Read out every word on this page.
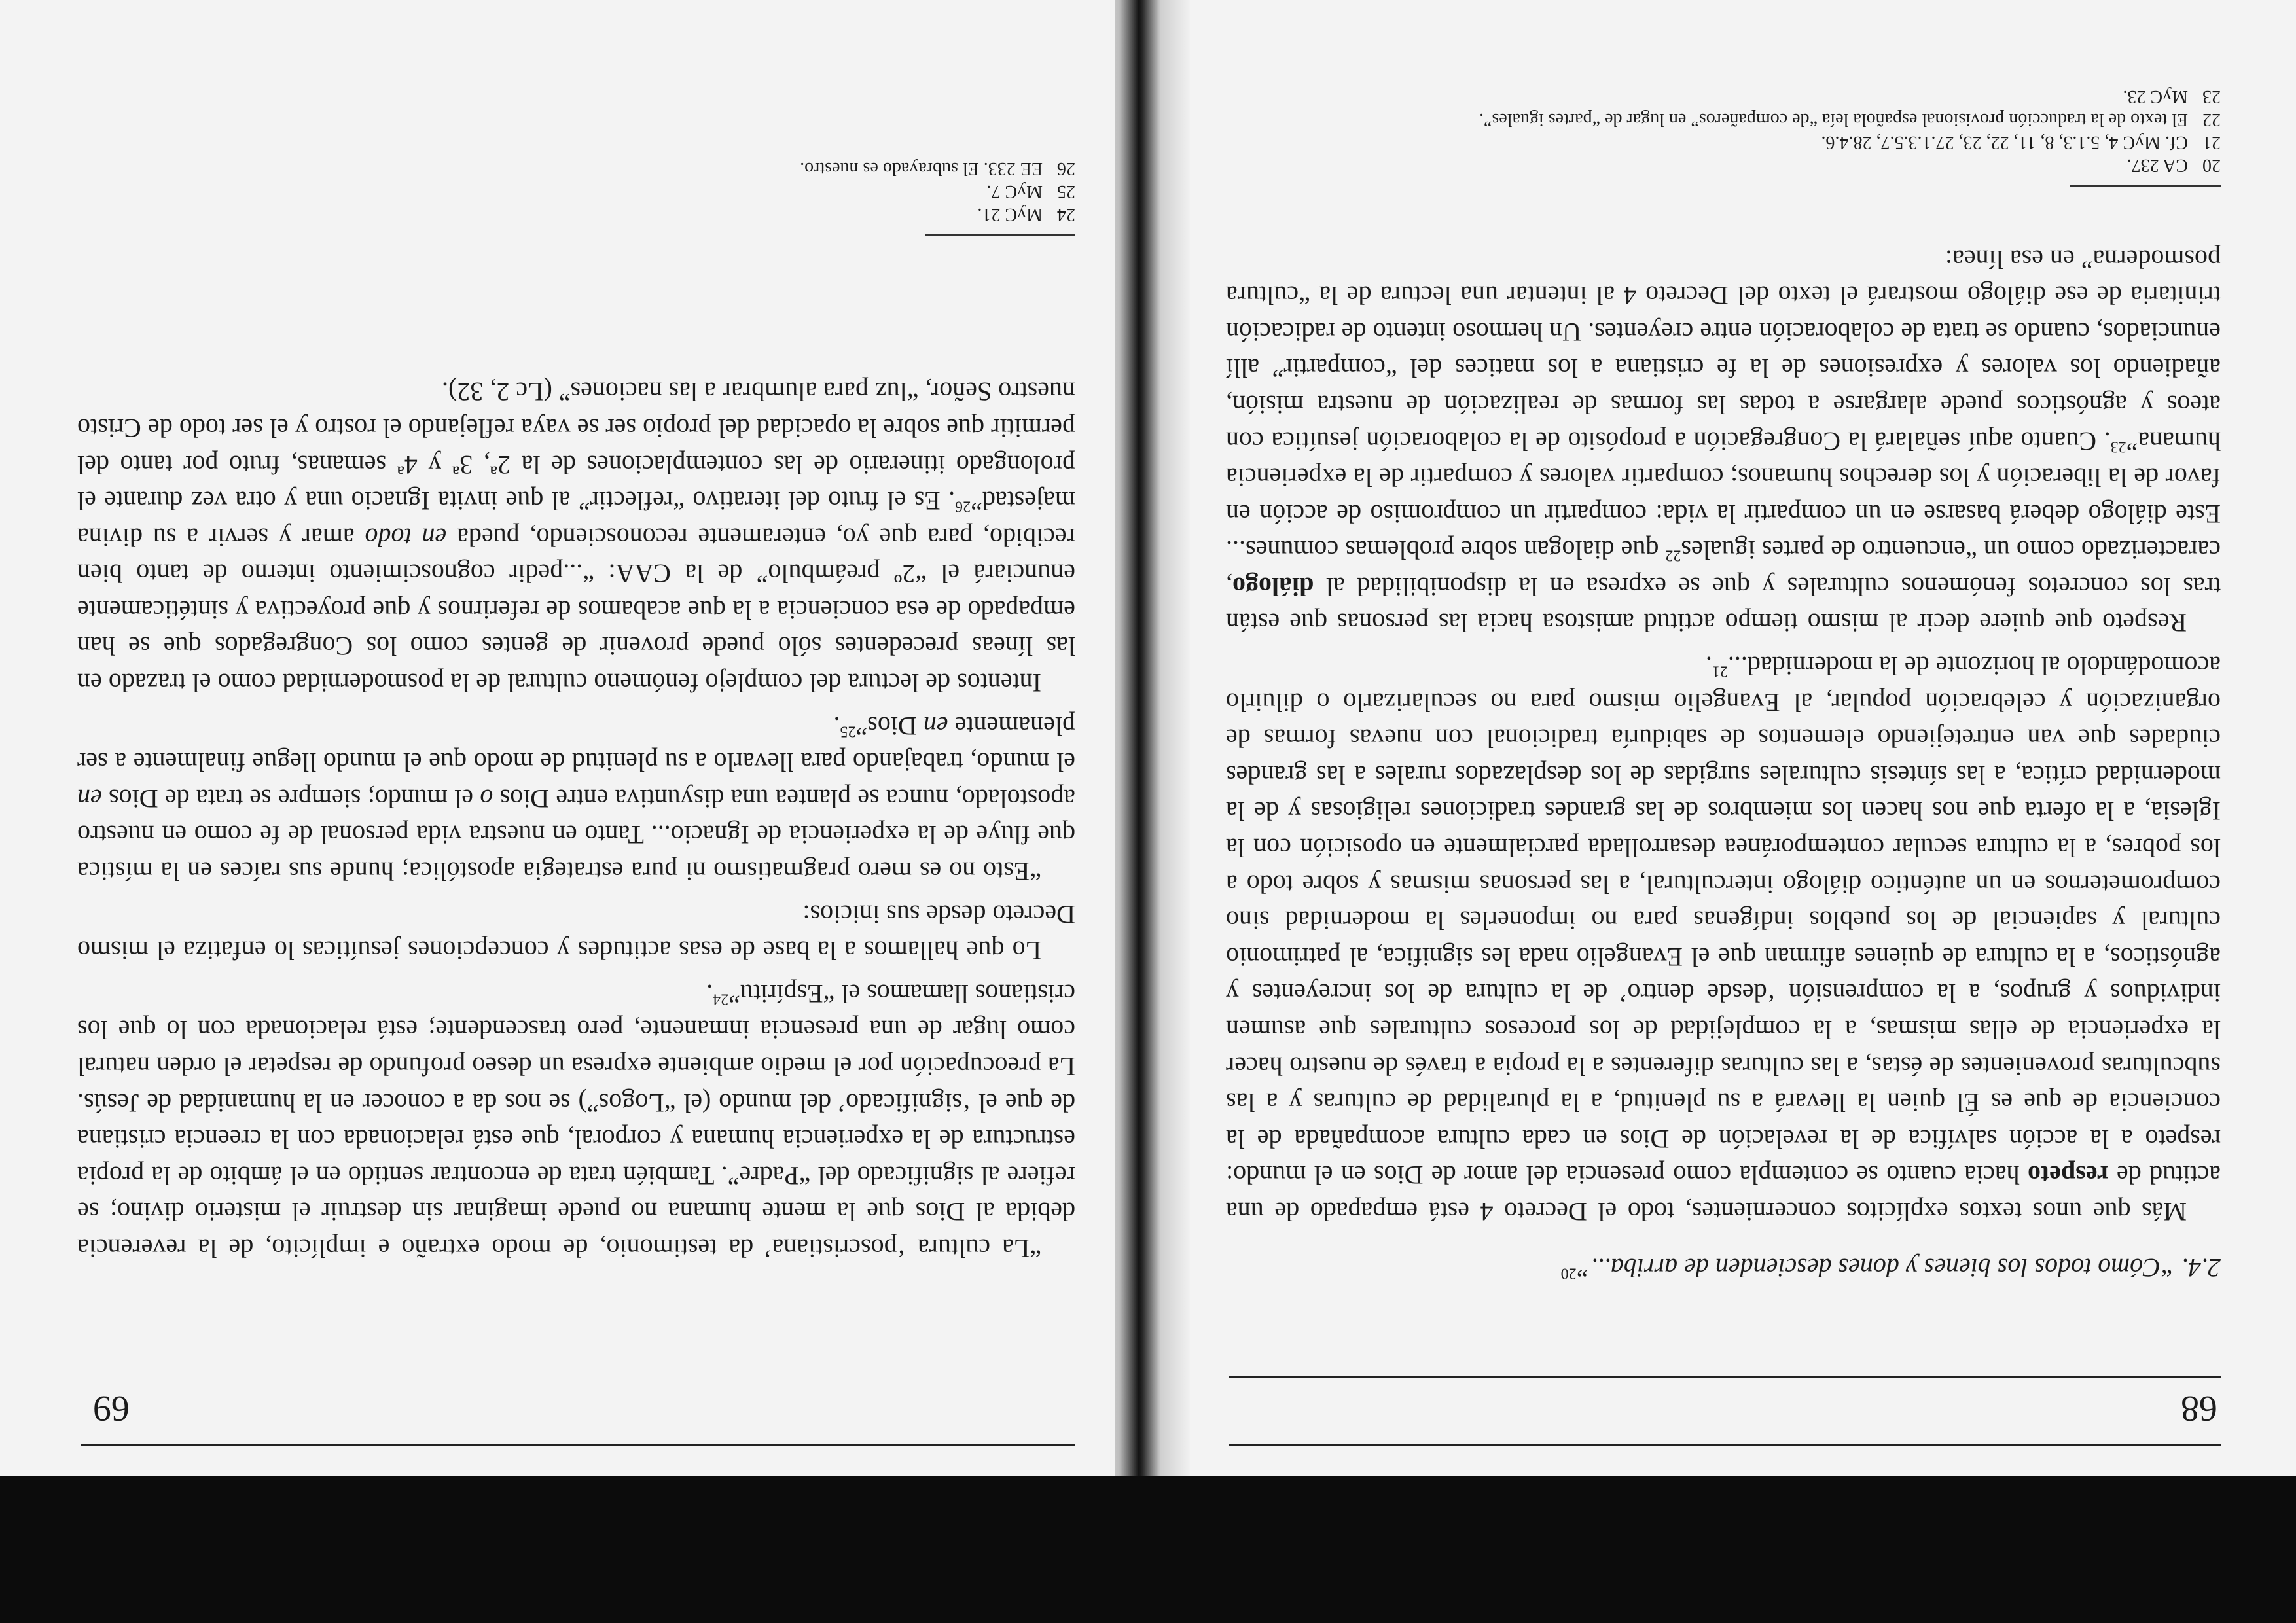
68
2.4. “Cómo todos los bienes y dones descienden de arriba...”$^{20}$

Más que unos textos explícitos concernientes, todo el Decreto 4 está empapado de una actitud de respeto hacia cuanto se contempla como presencia del amor de Dios en el mundo: respeto a la acción salvífica de la revelación de Dios en cada cultura acompañada de la conciencia de que es Él quien la llevará a su plenitud, a la pluralidad de culturas y a las subculturas provenientes de éstas, a las culturas diferentes a la propia a través de nuestro hacer la experiencia de ellas mismas, a la complejidad de los procesos culturales que asumen individuos y grupos, a la comprensión ‘desde dentro’ de la cultura de los increyentes y agnósticos, a la cultura de quienes afirman que el Evangelio nada les significa, al patrimonio cultural y sapiencial de los pueblos indígenas para no imponerles la modernidad sino comprometernos en un auténtico diálogo intercultural, a las personas mismas y sobre todo a los pobres, a la cultura secular contemporánea desarrollada parcialmente en oposición con la Iglesia, a la oferta que nos hacen los miembros de las grandes tradiciones religiosas y de la modernidad crítica, a las síntesis culturales surgidas de los desplazados rurales a las grandes ciudades que van entretejiendo elementos de sabiduría tradicional con nuevas formas de organización y celebración popular, al Evangelio mismo para no secularizarlo o diluirlo acomodándolo al horizonte de la modernidad...$^{21}$.

Respeto que quiere decir al mismo tiempo actitud amistosa hacia las personas que están tras los concretos fenómenos culturales y que se expresa en la disponibilidad al diálogo, caracterizado como un “encuentro de partes iguales$^{22}$ que dialogan sobre problemas comunes... Este diálogo deberá basarse en un compartir la vida: compartir un compromiso de acción en favor de la liberación y los derechos humanos; compartir valores y compartir de la experiencia humana”$^{23}$. Cuanto aquí señalará la Congregación a propósito de la colaboración jesuítica con ateos y agnósticos puede alargarse a todas las formas de realización de nuestra misión, añadiendo los valores y expresiones de la fe cristiana a los matices del “compartir” allí enunciados, cuando se trata de colaboración entre creyentes. Un hermoso intento de radicación trinitaria de ese diálogo mostrará el texto del Decreto 4 al intentar una lectura de la “cultura posmoderna” en esa línea:

20CA 237.
21Cf. MyC 4, 5.1.3, 8, 11, 22, 23, 27.1.3.5.7, 28.4.6.
22El texto de la traducción provisional española leía “de compañeros” en lugar de “partes iguales”.
23MyC 23.
69

“La cultura ‘poscristiana’ da testimonio, de modo extraño e implícito, de la reverencia debida al Dios que la mente humana no puede imaginar sin destruir el misterio divino; se refiere al significado del “Padre”. También trata de encontrar sentido en el ámbito de la propia estructura de la experiencia humana y corporal, que está relacionada con la creencia cristiana de que el ‘significado’ del mundo (el “Logos”) se nos da a conocer en la humanidad de Jesús. La preocupación por el medio ambiente expresa un deseo profundo de respetar el orden natural como lugar de una presencia inmanente, pero trascendente; está relacionada con lo que los cristianos llamamos el “Espíritu”$^{24}$.

Lo que hallamos a la base de esas actitudes y concepciones jesuíticas lo enfatiza el mismo Decreto desde sus inicios:

“Esto no es mero pragmatismo ni pura estrategia apostólica; hunde sus raíces en la mística que fluye de la experiencia de Ignacio... Tanto en nuestra vida personal de fe como en nuestro apostolado, nunca se plantea una disyuntiva entre Dios o el mundo; siempre se trata de Dios en el mundo, trabajando para llevarlo a su plenitud de modo que el mundo llegue finalmente a ser plenamente en Dios”$^{25}$.

Intentos de lectura del complejo fenómeno cultural de la posmodernidad como el trazado en las líneas precedentes sólo puede provenir de gentes como los Congregados que se han empapado de esa conciencia a la que acabamos de referirnos y que proyectiva y sintéticamente enunciará el “2º preámbulo” de la CAA: “...pedir cognoscimiento interno de tanto bien recibido, para que yo, enteramente reconosciendo, pueda en todo amar y servir a su divina majestad”$^{26}$. Es el fruto del iterativo “reflectir” al que invita Ignacio una y otra vez durante el prolongado itinerario de las contemplaciones de la 2ª, 3ª y 4ª semanas, fruto por tanto del permitir que sobre la opacidad del propio ser se vaya reflejando el rostro y el ser todo de Cristo nuestro Señor, “luz para alumbrar a las naciones” (Lc 2, 32).

24MyC 21.
25MyC 7.
26EE 233. El subrayado es nuestro.
